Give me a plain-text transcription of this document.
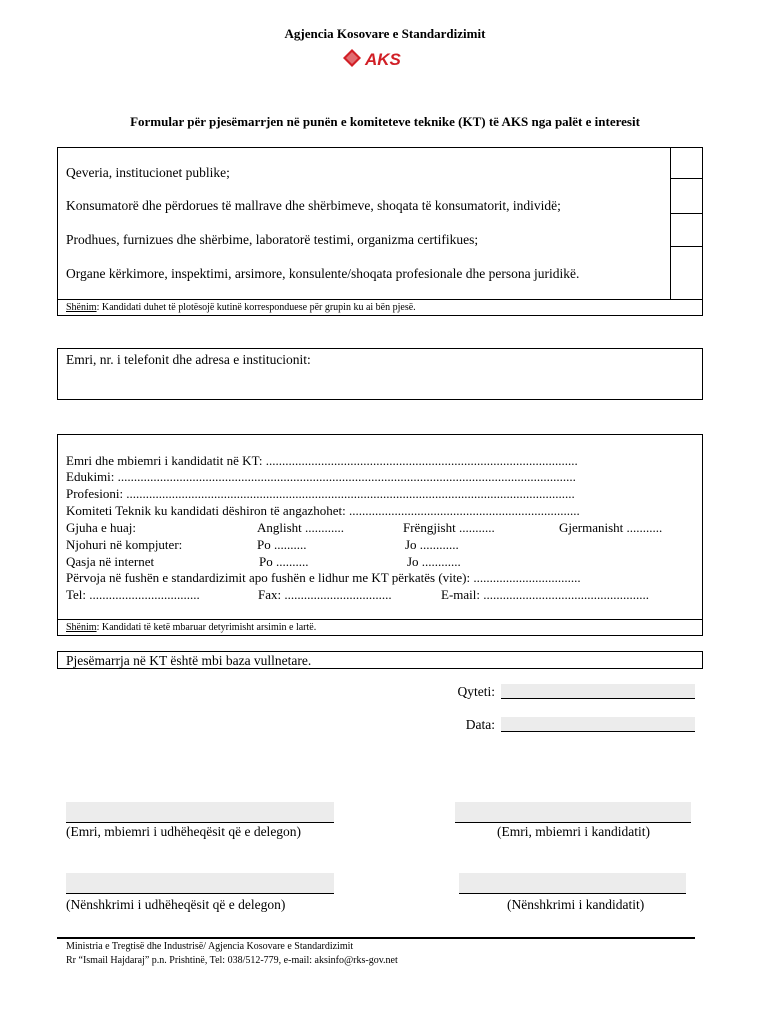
Agjencia Kosovare e Standardizimit
AKS
Formular për pjesëmarrjen në punën e komiteteve teknike (KT) të AKS nga palët e interesit
Qeveria, institucionet publike;
Konsumatorë dhe përdorues të mallrave dhe shërbimeve, shoqata të konsumatorit, individë;
Prodhues, furnizues dhe shërbime, laboratorë testimi, organizma certifikues;
Organe kërkimore, inspektimi, arsimore, konsulente/shoqata profesionale dhe persona juridikë.
Shënim: Kandidati duhet të plotësojë kutinë korresponduese për grupin ku ai bën pjesë.
Emri, nr. i telefonit dhe adresa e institucionit:
Emri dhe mbiemri i kandidatit në KT: ................................................................................................
Edukimi: .............................................................................................................................................
Profesioni: ..........................................................................................................................................
Komiteti Teknik ku kandidati dëshiron të angazhohet: .......................................................................
Gjuha e huaj:	Anglisht ............	Frëngjisht ...........	Gjermanisht ...........
Njohuri në kompjuter:	Po ..........	Jo ............
Qasja në internet	Po ..........	Jo ............
Përvoja në fushën e standardizimit apo fushën e lidhur me KT përkatës (vite): .................................
Tel: ..................................	Fax: .................................	E-mail: ...................................................
Shënim: Kandidati të ketë mbaruar detyrimisht arsimin e lartë.
Pjesëmarrja në KT është mbi baza vullnetare.
Qyteti:
Data:
(Emri, mbiemri i udhëheqësit që e delegon)	(Emri, mbiemri i kandidatit)
(Nënshkrimi i udhëheqësit që e delegon)	(Nënshkrimi i kandidatit)
Ministria e Tregtisë dhe Industrisë/ Agjencia Kosovare e Standardizimit
Rr “Ismail Hajdaraj” p.n. Prishtinë, Tel: 038/512-779, e-mail: aksinfo@rks-gov.net
